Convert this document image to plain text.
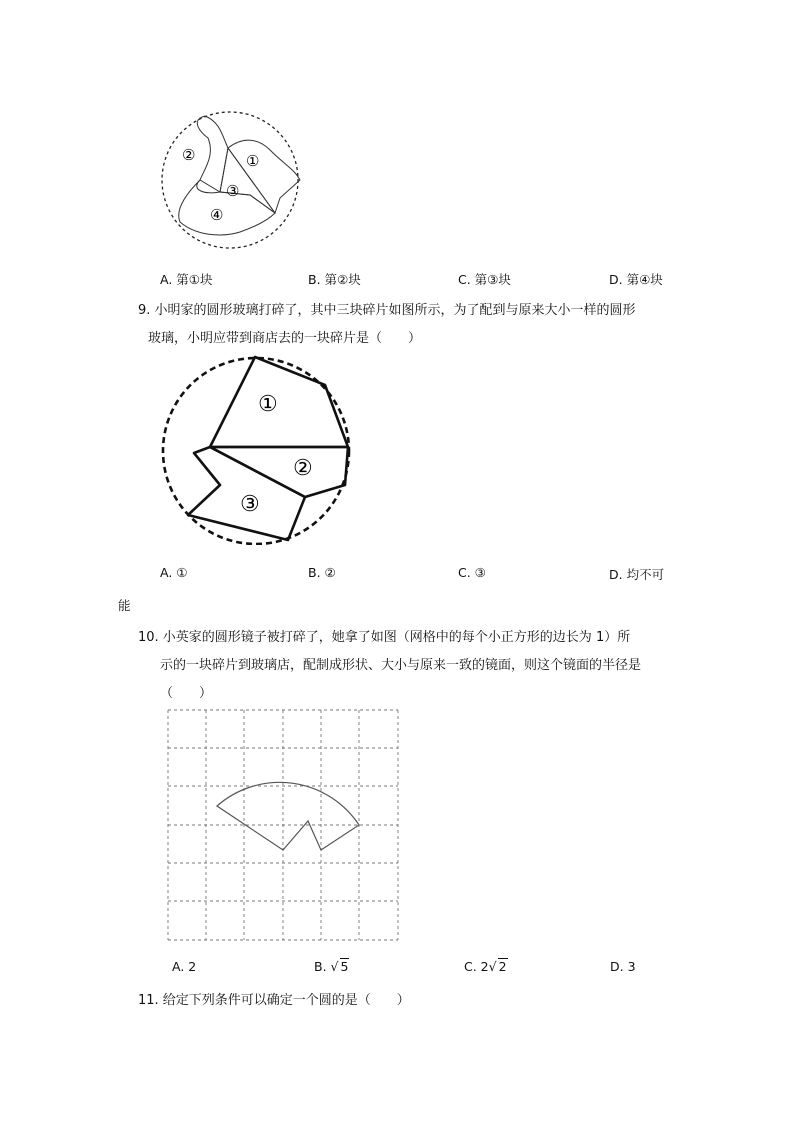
②	①
③
④
A. 第①块	B. 第②块	C. 第③块	D. 第④块
9. 小明家的圆形玻璃打碎了，其中三块碎片如图所示，为了配到与原来大小一样的圆形
玻璃，小明应带到商店去的一块碎片是（　　）
①
②
③
A. ①	B. ②	C. ③	D. 均不可
能
10. 小英家的圆形镜子被打碎了，她拿了如图（网格中的每个小正方形的边长为 1）所
示的一块碎片到玻璃店，配制成形状、大小与原来一致的镜面，则这个镜面的半径是
（　　）
A. 2	B. √ 5	C. 2√ 2	D. 3
11. 给定下列条件可以确定一个圆的是（　　）
